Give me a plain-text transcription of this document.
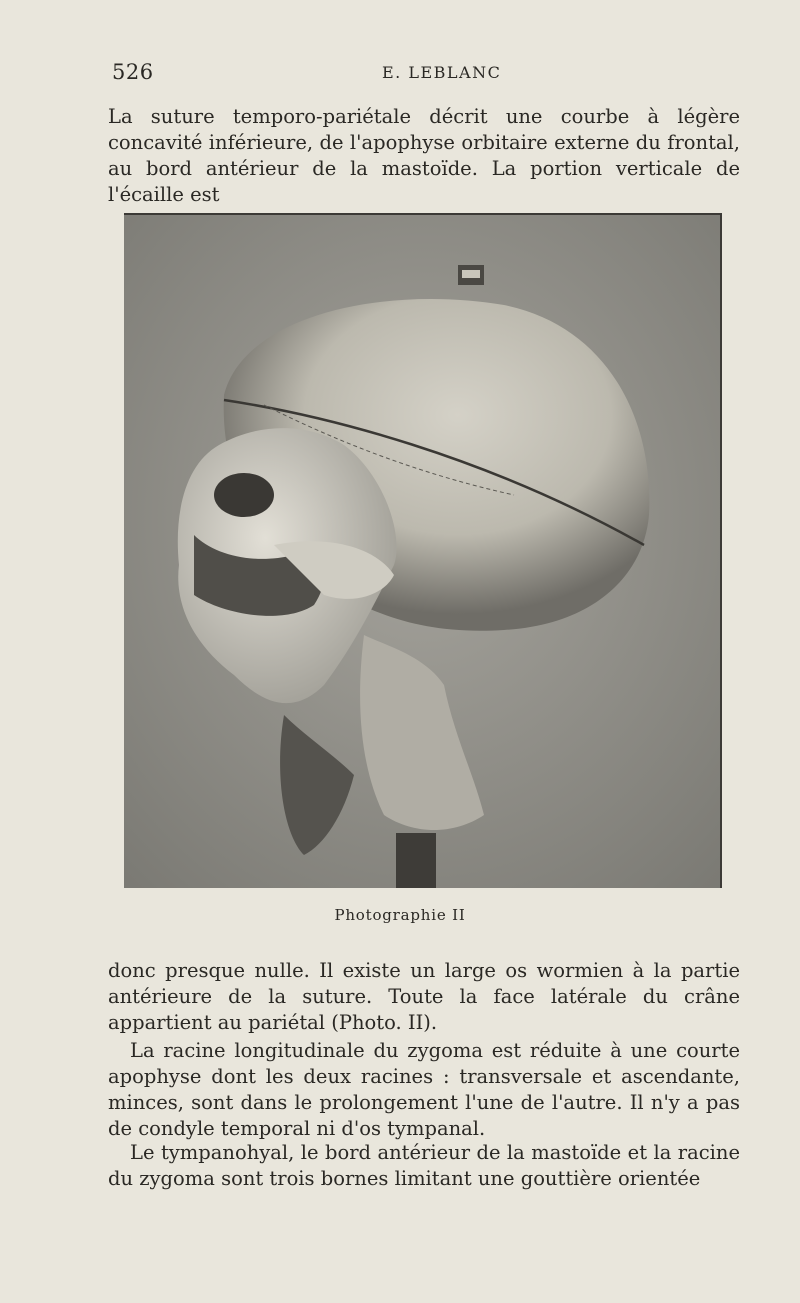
526	E. LEBLANC

La suture temporo-pariétale décrit une courbe à légère concavité inférieure, de l'apophyse orbitaire externe du frontal, au bord antérieur de la mastoïde. La portion verticale de l'écaille est

Photographie II

donc presque nulle. Il existe un large os wormien à la partie antérieure de la suture. Toute la face latérale du crâne appartient au pariétal (Photo. II).

La racine longitudinale du zygoma est réduite à une courte apophyse dont les deux racines : transversale et ascendante, minces, sont dans le prolongement l'une de l'autre. Il n'y a pas de condyle temporal ni d'os tympanal.

Le tympanohyal, le bord antérieur de la mastoïde et la racine du zygoma sont trois bornes limitant une gouttière orientée
